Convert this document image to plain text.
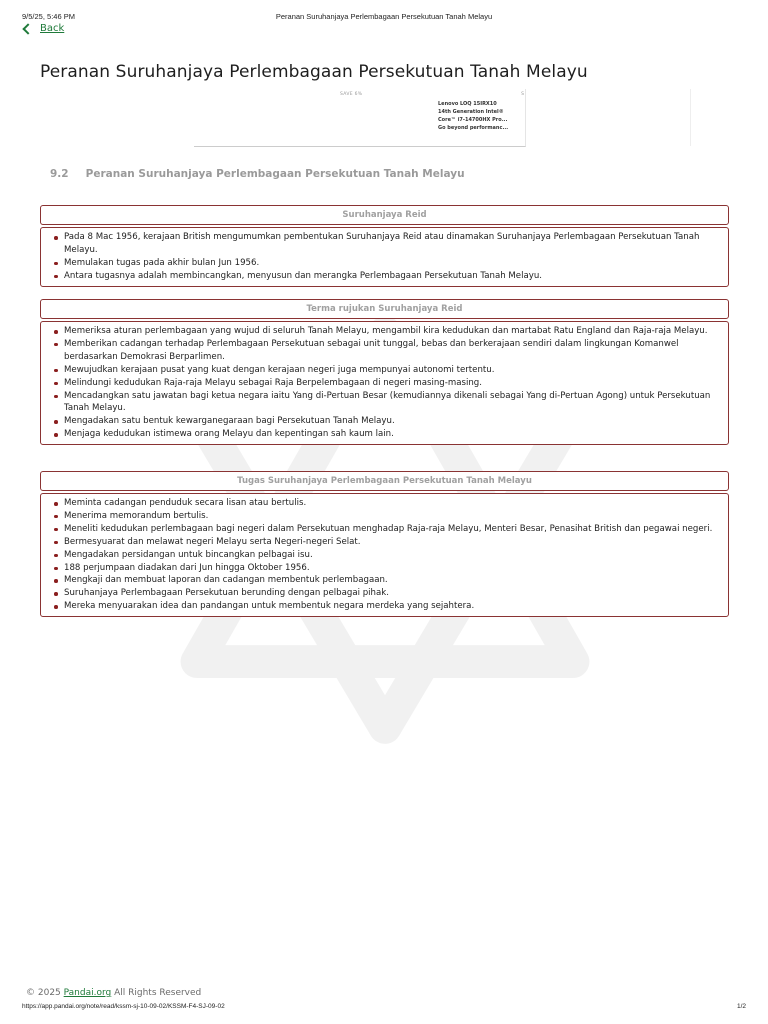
9/5/25, 5:46 PM	Peranan Suruhanjaya Perlembagaan Persekutuan Tanah Melayu
Back
Peranan Suruhanjaya Perlembagaan Persekutuan Tanah Melayu
SAVE 6%	S
Lenovo LOQ 15IRX10
14th Generation Intel®
Core™ i7-14700HX Pro...
Go beyond performanc...
9.2 Peranan Suruhanjaya Perlembagaan Persekutuan Tanah Melayu
Suruhanjaya Reid
Pada 8 Mac 1956, kerajaan British mengumumkan pembentukan Suruhanjaya Reid atau dinamakan Suruhanjaya Perlembagaan Persekutuan Tanah Melayu.
Memulakan tugas pada akhir bulan Jun 1956.
Antara tugasnya adalah membincangkan, menyusun dan merangka Perlembagaan Persekutuan Tanah Melayu.
Terma rujukan Suruhanjaya Reid
Memeriksa aturan perlembagaan yang wujud di seluruh Tanah Melayu, mengambil kira kedudukan dan martabat Ratu England dan Raja-raja Melayu.
Memberikan cadangan terhadap Perlembagaan Persekutuan sebagai unit tunggal, bebas dan berkerajaan sendiri dalam lingkungan Komanwel berdasarkan Demokrasi Berparlimen.
Mewujudkan kerajaan pusat yang kuat dengan kerajaan negeri juga mempunyai autonomi tertentu.
Melindungi kedudukan Raja-raja Melayu sebagai Raja Berpelembagaan di negeri masing-masing.
Mencadangkan satu jawatan bagi ketua negara iaitu Yang di-Pertuan Besar (kemudiannya dikenali sebagai Yang di-Pertuan Agong) untuk Persekutuan Tanah Melayu.
Mengadakan satu bentuk kewarganegaraan bagi Persekutuan Tanah Melayu.
Menjaga kedudukan istimewa orang Melayu dan kepentingan sah kaum lain.
Tugas Suruhanjaya Perlembagaan Persekutuan Tanah Melayu
Meminta cadangan penduduk secara lisan atau bertulis.
Menerima memorandum bertulis.
Meneliti kedudukan perlembagaan bagi negeri dalam Persekutuan menghadap Raja-raja Melayu, Menteri Besar, Penasihat British dan pegawai negeri.
Bermesyuarat dan melawat negeri Melayu serta Negeri-negeri Selat.
Mengadakan persidangan untuk bincangkan pelbagai isu.
188 perjumpaan diadakan dari Jun hingga Oktober 1956.
Mengkaji dan membuat laporan dan cadangan membentuk perlembagaan.
Suruhanjaya Perlembagaan Persekutuan berunding dengan pelbagai pihak.
Mereka menyuarakan idea dan pandangan untuk membentuk negara merdeka yang sejahtera.
© 2025 Pandai.org All Rights Reserved
https://app.pandai.org/note/read/kssm-sj-10-09-02/KSSM-F4-SJ-09-02	1/2
